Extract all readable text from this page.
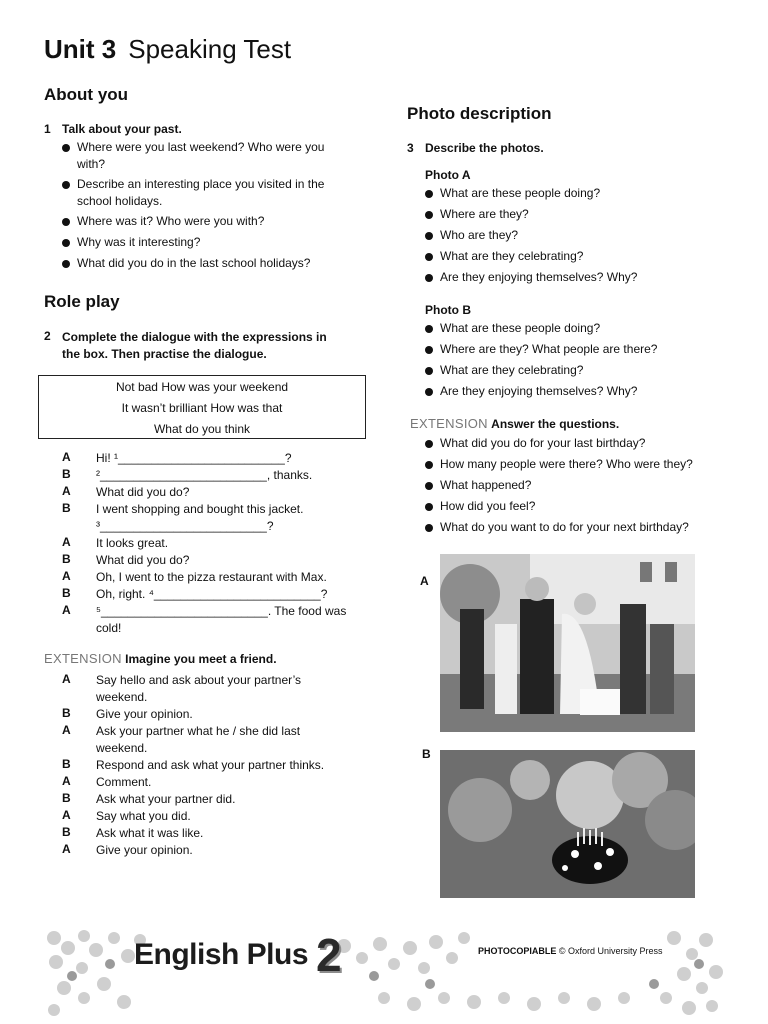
Unit 3 Speaking Test
About you
1 Talk about your past.
Where were you last weekend? Who were you
with?
Describe an interesting place you visited in the
school holidays.
Where was it? Who were you with?
Why was it interesting?
What did you do in the last school holidays?
Role play
2 Complete the dialogue with the expressions in
the box. Then practise the dialogue.
Not bad How was your weekend
It wasn’t brilliant How was that
What do you think
A Hi! ¹_________________________?
B ²_________________________, thanks.
A What did you do?
B I went shopping and bought this jacket.
³_________________________?
A It looks great.
B What did you do?
A Oh, I went to the pizza restaurant with Max.
B Oh, right. ⁴_________________________?
A ⁵_________________________. The food was
cold!
EXTENSION Imagine you meet a friend.
A Say hello and ask about your partner’s
weekend.
B Give your opinion.
A Ask your partner what he / she did last
weekend.
B Respond and ask what your partner thinks.
A Comment.
B Ask what your partner did.
A Say what you did.
B Ask what it was like.
A Give your opinion.
Photo description
3 Describe the photos.
Photo A
What are these people doing?
Where are they?
Who are they?
What are they celebrating?
Are they enjoying themselves? Why?
Photo B
What are these people doing?
Where are they? What people are there?
What are they celebrating?
Are they enjoying themselves? Why?
EXTENSION Answer the questions.
What did you do for your last birthday?
How many people were there? Who were they?
What happened?
How did you feel?
What do you want to do for your next birthday?
A
B
English Plus 2	PHOTOCOPIABLE © Oxford University Press
